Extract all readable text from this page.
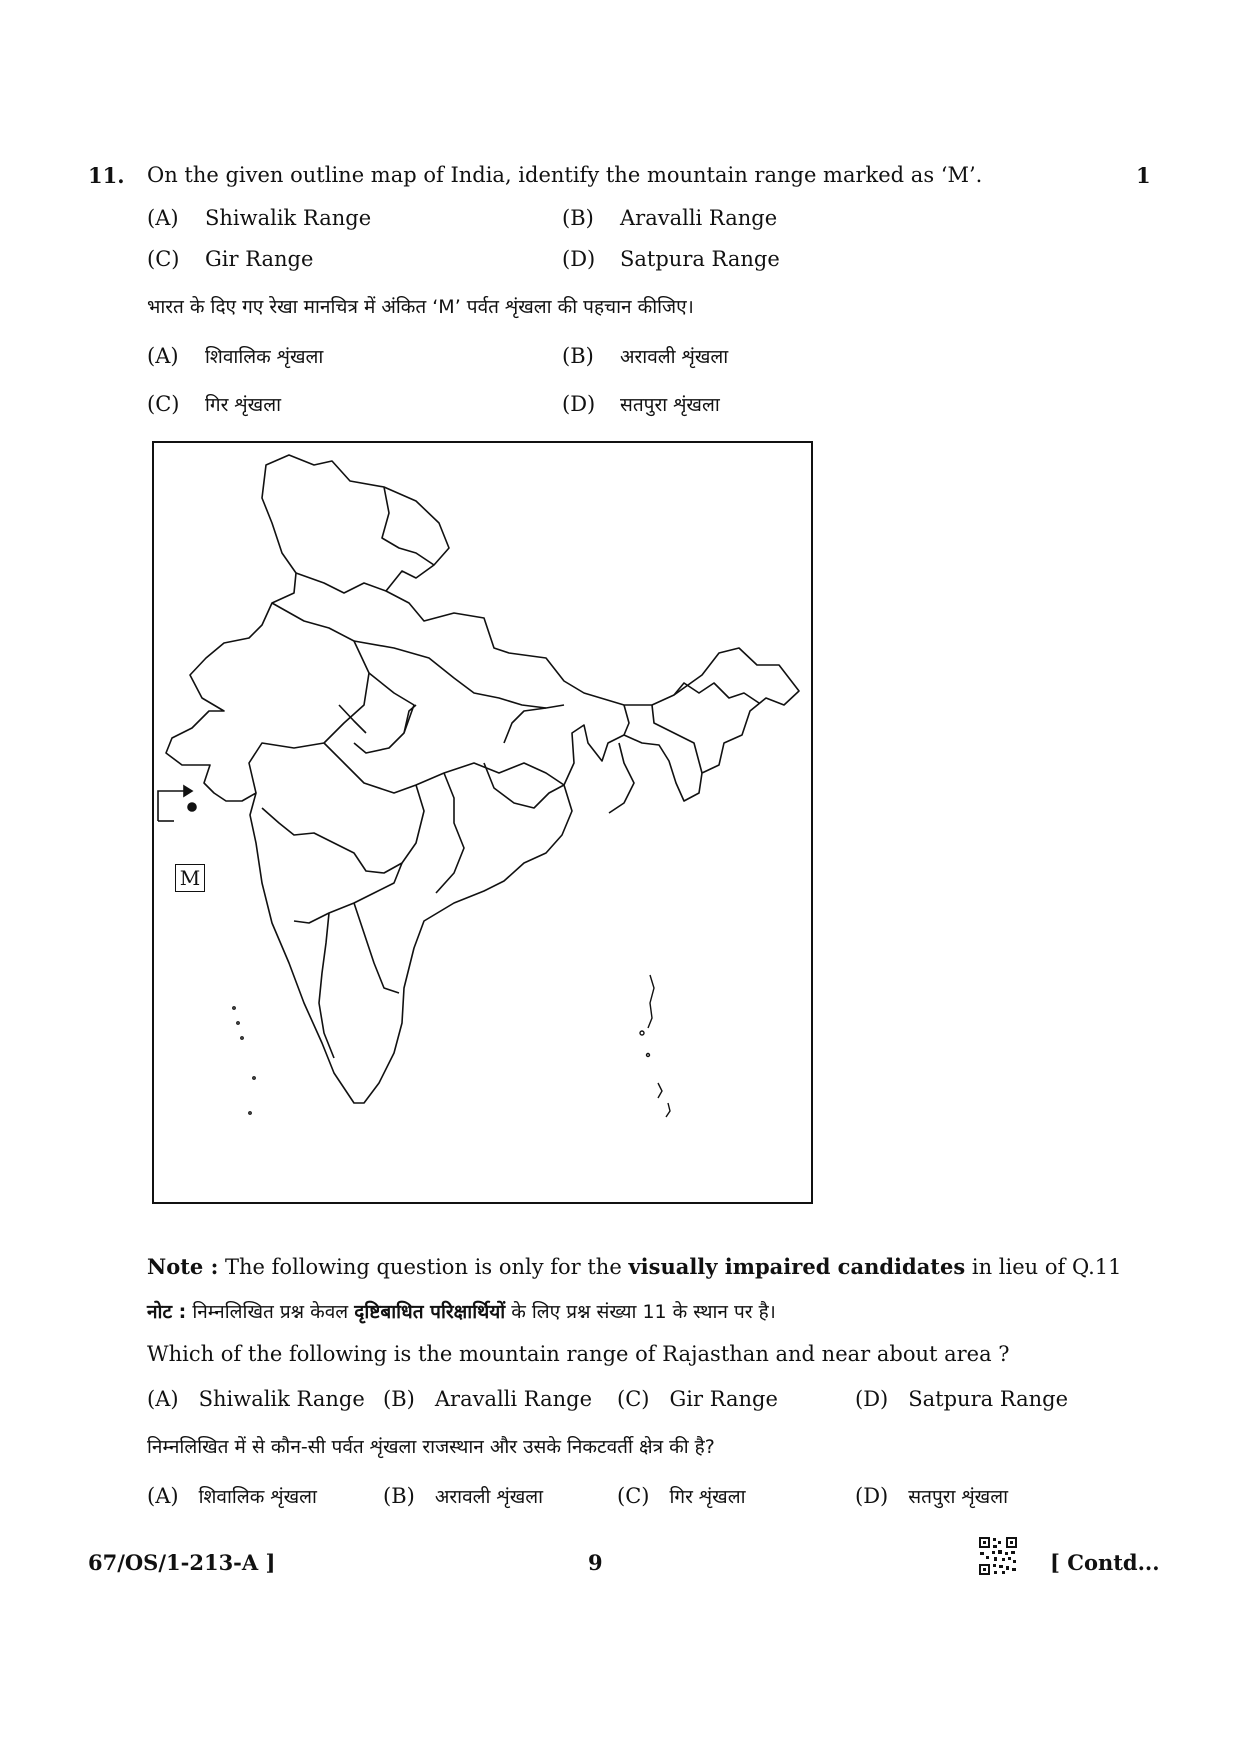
11. On the given outline map of India, identify the mountain range marked as ‘M’.	1
(A) Shiwalik Range	(B) Aravalli Range
(C) Gir Range	(D) Satpura Range
भारत के दिए गए रेखा मानचित्र में अंकित ‘M’ पर्वत शृंखला की पहचान कीजिए।
(A) शिवालिक शृंखला	(B) अरावली शृंखला
(C) गिर शृंखला	(D) सतपुरा शृंखला
M
Note : The following question is only for the visually impaired candidates in lieu of Q.11
नोट : निम्नलिखित प्रश्न केवल दृष्टिबाधित परिक्षार्थियों के लिए प्रश्न संख्या 11 के स्थान पर है।
Which of the following is the mountain range of Rajasthan and near about area ?
(A) Shiwalik Range (B) Aravalli Range (C) Gir Range	(D) Satpura Range
निम्नलिखित में से कौन-सी पर्वत शृंखला राजस्थान और उसके निकटवर्ती क्षेत्र की है?
(A) शिवालिक शृंखला	(B) अरावली शृंखला	(C) गिर शृंखला	(D) सतपुरा शृंखला
67/OS/1-213-A ]	9	[ Contd...
